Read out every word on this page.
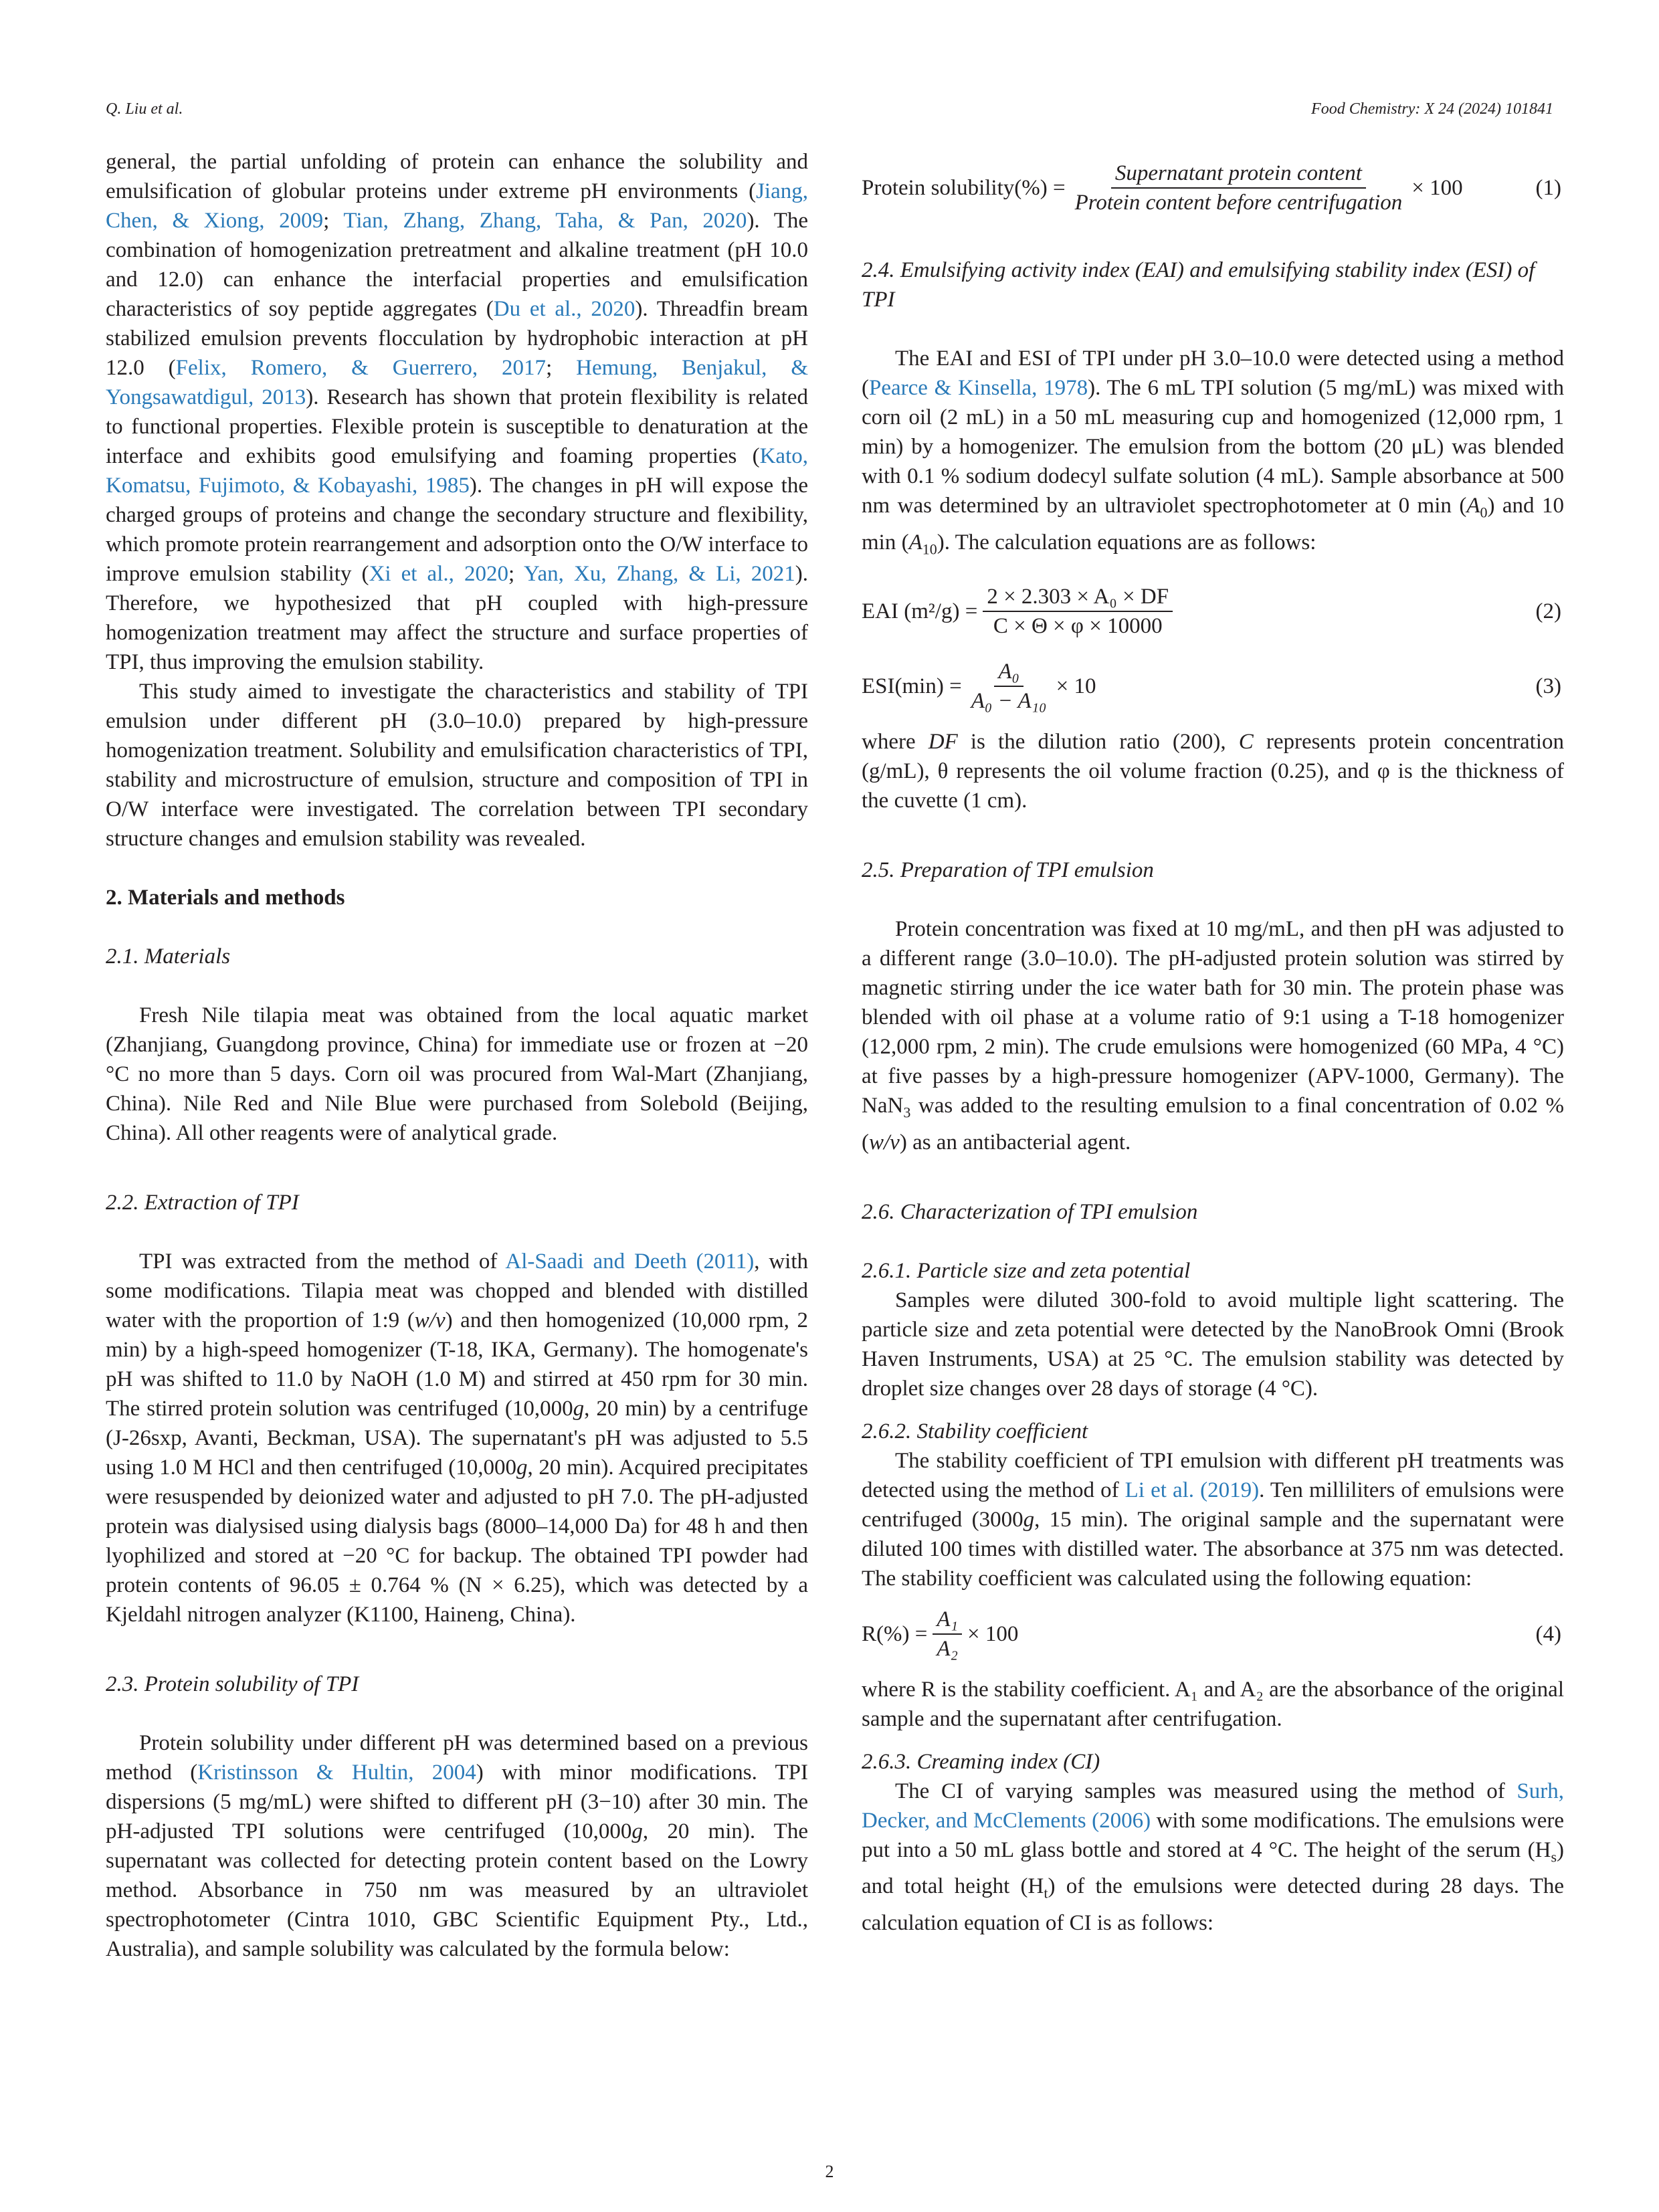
Q. Liu et al.	Food Chemistry: X 24 (2024) 101841

general, the partial unfolding of protein can enhance the solubility and emulsification of globular proteins under extreme pH environments (Jiang, Chen, & Xiong, 2009; Tian, Zhang, Zhang, Taha, & Pan, 2020). The combination of homogenization pretreatment and alkaline treatment (pH 10.0 and 12.0) can enhance the interfacial properties and emulsification characteristics of soy peptide aggregates (Du et al., 2020). Threadfin bream stabilized emulsion prevents flocculation by hydrophobic interaction at pH 12.0 (Felix, Romero, & Guerrero, 2017; Hemung, Benjakul, & Yongsawatdigul, 2013). Research has shown that protein flexibility is related to functional properties. Flexible protein is susceptible to denaturation at the interface and exhibits good emulsifying and foaming properties (Kato, Komatsu, Fujimoto, & Kobayashi, 1985). The changes in pH will expose the charged groups of proteins and change the secondary structure and flexibility, which promote protein rearrangement and adsorption onto the O/W interface to improve emulsion stability (Xi et al., 2020; Yan, Xu, Zhang, & Li, 2021). Therefore, we hypothesized that pH coupled with high-pressure homogenization treatment may affect the structure and surface properties of TPI, thus improving the emulsion stability.

This study aimed to investigate the characteristics and stability of TPI emulsion under different pH (3.0–10.0) prepared by high-pressure homogenization treatment. Solubility and emulsification characteristics of TPI, stability and microstructure of emulsion, structure and composition of TPI in O/W interface were investigated. The correlation between TPI secondary structure changes and emulsion stability was revealed.

2. Materials and methods
2.1. Materials

Fresh Nile tilapia meat was obtained from the local aquatic market (Zhanjiang, Guangdong province, China) for immediate use or frozen at −20 °C no more than 5 days. Corn oil was procured from Wal-Mart (Zhanjiang, China). Nile Red and Nile Blue were purchased from Solebold (Beijing, China). All other reagents were of analytical grade.

2.2. Extraction of TPI

TPI was extracted from the method of Al-Saadi and Deeth (2011), with some modifications. Tilapia meat was chopped and blended with distilled water with the proportion of 1:9 (w/v) and then homogenized (10,000 rpm, 2 min) by a high-speed homogenizer (T-18, IKA, Germany). The homogenate's pH was shifted to 11.0 by NaOH (1.0 M) and stirred at 450 rpm for 30 min. The stirred protein solution was centrifuged (10,000g, 20 min) by a centrifuge (J-26sxp, Avanti, Beckman, USA). The supernatant's pH was adjusted to 5.5 using 1.0 M HCl and then centrifuged (10,000g, 20 min). Acquired precipitates were resuspended by deionized water and adjusted to pH 7.0. The pH-adjusted protein was dialysised using dialysis bags (8000–14,000 Da) for 48 h and then lyophilized and stored at −20 °C for backup. The obtained TPI powder had protein contents of 96.05 ± 0.764 % (N × 6.25), which was detected by a Kjeldahl nitrogen analyzer (K1100, Haineng, China).

2.3. Protein solubility of TPI

Protein solubility under different pH was determined based on a previous method (Kristinsson & Hultin, 2004) with minor modifications. TPI dispersions (5 mg/mL) were shifted to different pH (3−10) after 30 min. The pH-adjusted TPI solutions were centrifuged (10,000g, 20 min). The supernatant was collected for detecting protein content based on the Lowry method. Absorbance in 750 nm was measured by an ultraviolet spectrophotometer (Cintra 1010, GBC Scientific Equipment Pty., Ltd., Australia), and sample solubility was calculated by the formula below:

Protein solubility(%) = $\frac{\text{Supernatant protein content}}{\text{Protein content before centrifugation}} \times 100$	(1)
2.4. Emulsifying activity index (EAI) and emulsifying stability index (ESI) of TPI

The EAI and ESI of TPI under pH 3.0–10.0 were detected using a method (Pearce & Kinsella, 1978). The 6 mL TPI solution (5 mg/mL) was mixed with corn oil (2 mL) in a 50 mL measuring cup and homogenized (12,000 rpm, 1 min) by a homogenizer. The emulsion from the bottom (20 μL) was blended with 0.1 % sodium dodecyl sulfate solution (4 mL). Sample absorbance at 500 nm was determined by an ultraviolet spectrophotometer at 0 $\min (A_0)$ and 10 $\min (A_{10})$. The calculation equations are as follows:

EAI $(m^2/g) = \frac{\text{2 × 2.303 × A₀ × DF}}{C \times \Theta \times \varphi \times 10000}$	(2)
$ESI(\min) = \frac{\text{A₀}}{\text{A₀ − A₁₀}} \times 10$	(3)

where DF is the dilution ratio (200), C represents protein concentration (g/mL), θ represents the oil volume fraction (0.25), and φ is the thickness of the cuvette (1 cm).

2.5. Preparation of TPI emulsion

Protein concentration was fixed at 10 mg/mL, and then pH was adjusted to a different range (3.0–10.0). The pH-adjusted protein solution was stirred by magnetic stirring under the ice water bath for 30 min. The protein phase was blended with oil phase at a volume ratio of 9:1 using a T-18 homogenizer (12,000 rpm, 2 min). The crude emulsions were homogenized (60 MPa, 4 °C) at five passes by a high-pressure homogenizer (APV-1000, Germany). The NaN$_3$ was added to the resulting emulsion to a final concentration of 0.02 % (w/v) as an antibacterial agent.

2.6. Characterization of TPI emulsion
2.6.1. Particle size and zeta potential

Samples were diluted 300-fold to avoid multiple light scattering. The particle size and zeta potential were detected by the NanoBrook Omni (Brook Haven Instruments, USA) at 25 °C. The emulsion stability was detected by droplet size changes over 28 days of storage (4 °C).

2.6.2. Stability coefficient

The stability coefficient of TPI emulsion with different pH treatments was detected using the method of Li et al. (2019). Ten milliliters of emulsions were centrifuged (3000g, 15 min). The original sample and the supernatant were diluted 100 times with distilled water. The absorbance at 375 nm was detected. The stability coefficient was calculated using the following equation:

$R(\%) = \frac{\text{A₁}}{\text{A₂}} \times 100$	(4)

where R is the stability coefficient. A₁ and A₂ are the absorbance of the original sample and the supernatant after centrifugation.

2.6.3. Creaming index (CI)

The CI of varying samples was measured using the method of Surh, Decker, and McClements (2006) with some modifications. The emulsions were put into a 50 mL glass bottle and stored at 4 °C. The height of the serum $(H_s)$ and total height $(H_t)$ of the emulsions were detected during 28 days. The calculation equation of CI is as follows:

2
